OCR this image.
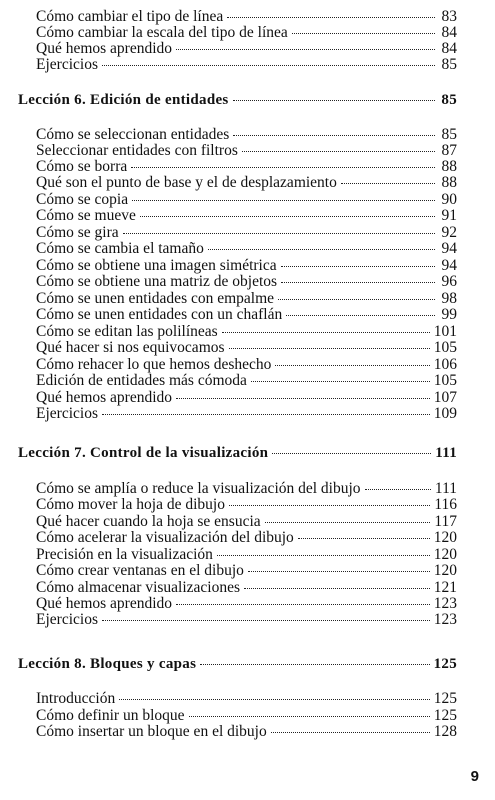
Cómo cambiar el tipo de línea	83
Cómo cambiar la escala del tipo de línea	84
Qué hemos aprendido	84
Ejercicios	85
Lección 6. Edición de entidades	85
Cómo se seleccionan entidades	85
Seleccionar entidades con filtros	87
Cómo se borra	88
Qué son el punto de base y el de desplazamiento	88
Cómo se copia	90
Cómo se mueve	91
Cómo se gira	92
Cómo se cambia el tamaño	94
Cómo se obtiene una imagen simétrica	94
Cómo se obtiene una matriz de objetos	96
Cómo se unen entidades con empalme	98
Cómo se unen entidades con un chaflán	99
Cómo se editan las polilíneas	101
Qué hacer si nos equivocamos	105
Cómo rehacer lo que hemos deshecho	106
Edición de entidades más cómoda	105
Qué hemos aprendido	107
Ejercicios	109
Lección 7. Control de la visualización	111
Cómo se amplía o reduce la visualización del dibujo	111
Cómo mover la hoja de dibujo	116
Qué hacer cuando la hoja se ensucia	117
Cómo acelerar la visualización del dibujo	120
Precisión en la visualización	120
Cómo crear ventanas en el dibujo	120
Cómo almacenar visualizaciones	121
Qué hemos aprendido	123
Ejercicios	123
Lección 8. Bloques y capas	125
Introducción	125
Cómo definir un bloque	125
Cómo insertar un bloque en el dibujo	128
9
